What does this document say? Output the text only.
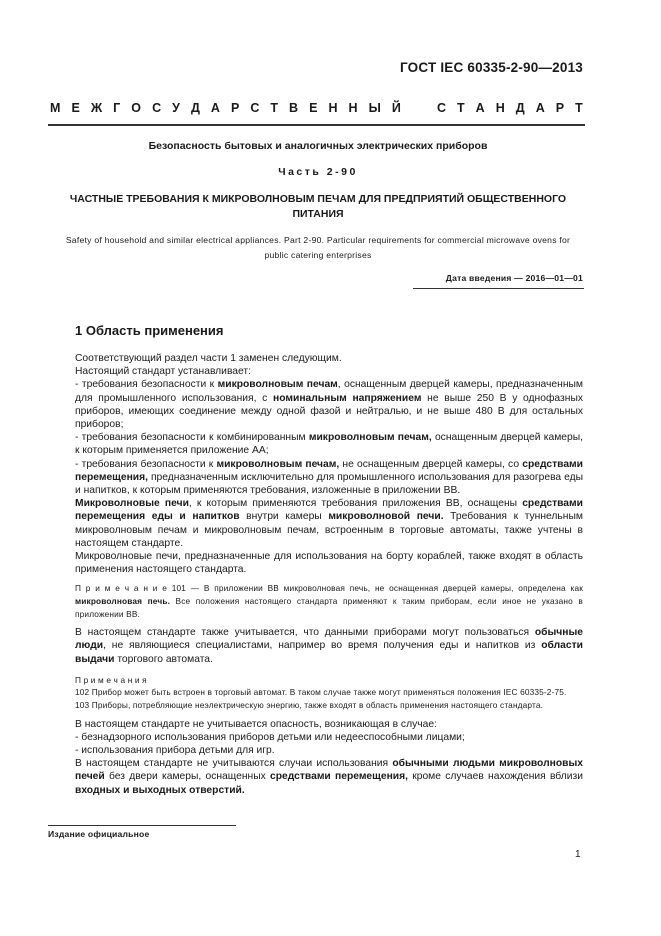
ГОСТ IEC 60335-2-90—2013
М Е Ж Г О С У Д А Р С Т В Е Н Н Ы Й	С Т А Н Д А Р Т
Безопасность бытовых и аналогичных электрических приборов
Часть 2-90
ЧАСТНЫЕ ТРЕБОВАНИЯ К МИКРОВОЛНОВЫМ ПЕЧАМ ДЛЯ ПРЕДПРИЯТИЙ ОБЩЕСТВЕННОГО ПИТАНИЯ
Safety of household and similar electrical appliances. Part 2-90. Particular requirements for commercial microwave ovens for public catering enterprises
Дата введения — 2016—01—01
1 Область применения

Соответствующий раздел части 1 заменен следующим.

Настоящий стандарт устанавливает:

- требования безопасности к микроволновым печам, оснащенным дверцей камеры, предназначенным для промышленного использования, с номинальным напряжением не выше 250 В у однофазных приборов, имеющих соединение между одной фазой и нейтралью, и не выше 480 В для остальных приборов;

- требования безопасности к комбинированным микроволновым печам, оснащенным дверцей камеры, к которым применяется приложение АА;

- требования безопасности к микроволновым печам, не оснащенным дверцей камеры, со средствами перемещения, предназначенным исключительно для промышленного использования для разогрева еды и напитков, к которым применяются требования, изложенные в приложении ВВ.

Микроволновые печи, к которым применяются требования приложения ВВ, оснащены средствами перемещения еды и напитков внутри камеры микроволновой печи. Требования к туннельным микроволновым печам и микроволновым печам, встроенным в торговые автоматы, также учтены в настоящем стандарте.

Микроволновые печи, предназначенные для использования на борту кораблей, также входят в область применения настоящего стандарта.

П р и м е ч а н и е 101 — В приложении ВВ микроволновая печь, не оснащенная дверцей камеры, определена как микроволновая печь. Все положения настоящего стандарта применяют к таким приборам, если иное не указано в приложении ВВ.

В настоящем стандарте также учитывается, что данными приборами могут пользоваться обычные люди, не являющиеся специалистами, например во время получения еды и напитков из области выдачи торгового автомата.

П р и м е ч а н и я

102 Прибор может быть встроен в торговый автомат. В таком случае также могут применяться положения IEC 60335-2-75.

103 Приборы, потребляющие неэлектрическую энергию, также входят в область применения настоящего стандарта.

В настоящем стандарте не учитывается опасность, возникающая в случае:

- безнадзорного использования приборов детьми или недееспособными лицами;

- использования прибора детьми для игр.

В настоящем стандарте не учитываются случаи использования обычными людьми микроволновых печей без двери камеры, оснащенных средствами перемещения, кроме случаев нахождения вблизи входных и выходных отверстий.

Издание официальное
1
